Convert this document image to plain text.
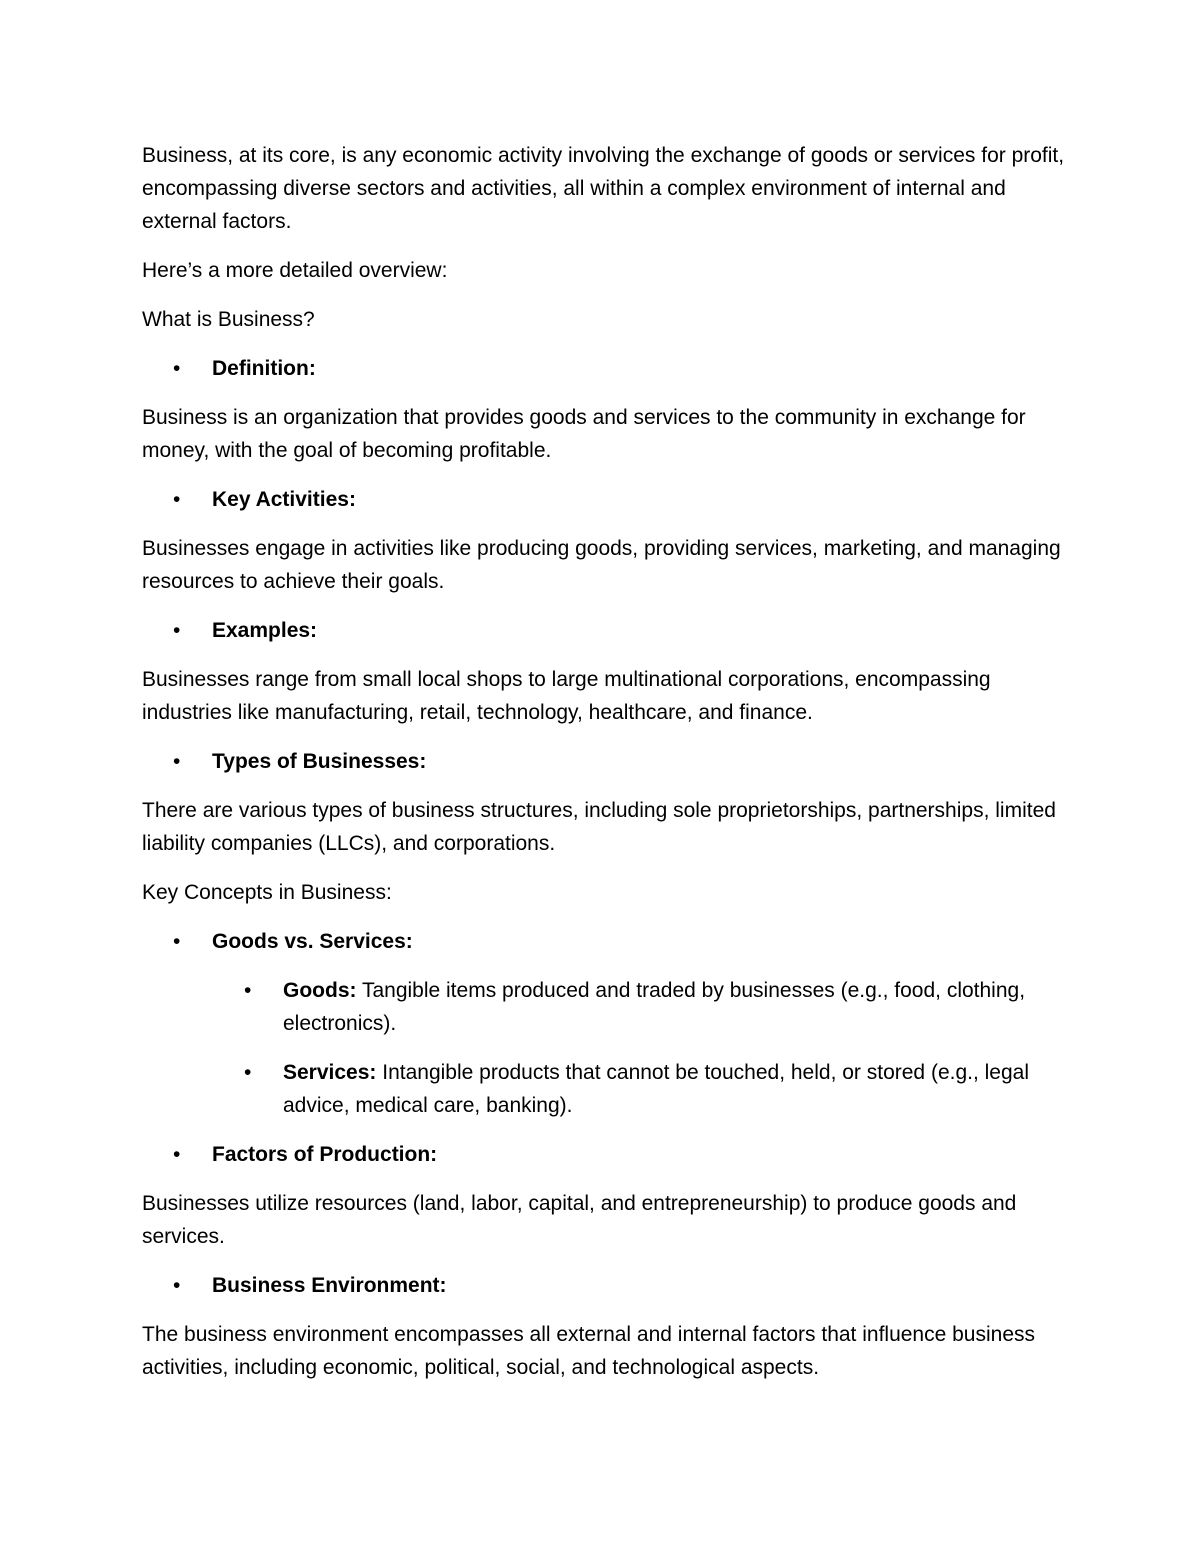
Business, at its core, is any economic activity involving the exchange of goods or services for profit, encompassing diverse sectors and activities, all within a complex environment of internal and external factors.

Here’s a more detailed overview:

What is Business?

• Definition:

Business is an organization that provides goods and services to the community in exchange for money, with the goal of becoming profitable.

• Key Activities:

Businesses engage in activities like producing goods, providing services, marketing, and managing resources to achieve their goals.

• Examples:

Businesses range from small local shops to large multinational corporations, encompassing industries like manufacturing, retail, technology, healthcare, and finance.

• Types of Businesses:

There are various types of business structures, including sole proprietorships, partnerships, limited liability companies (LLCs), and corporations.

Key Concepts in Business:

• Goods vs. Services:
• Goods: Tangible items produced and traded by businesses (e.g., food, clothing, electronics).
• Services: Intangible products that cannot be touched, held, or stored (e.g., legal advice, medical care, banking).
• Factors of Production:

Businesses utilize resources (land, labor, capital, and entrepreneurship) to produce goods and services.

• Business Environment:

The business environment encompasses all external and internal factors that influence business activities, including economic, political, social, and technological aspects.
